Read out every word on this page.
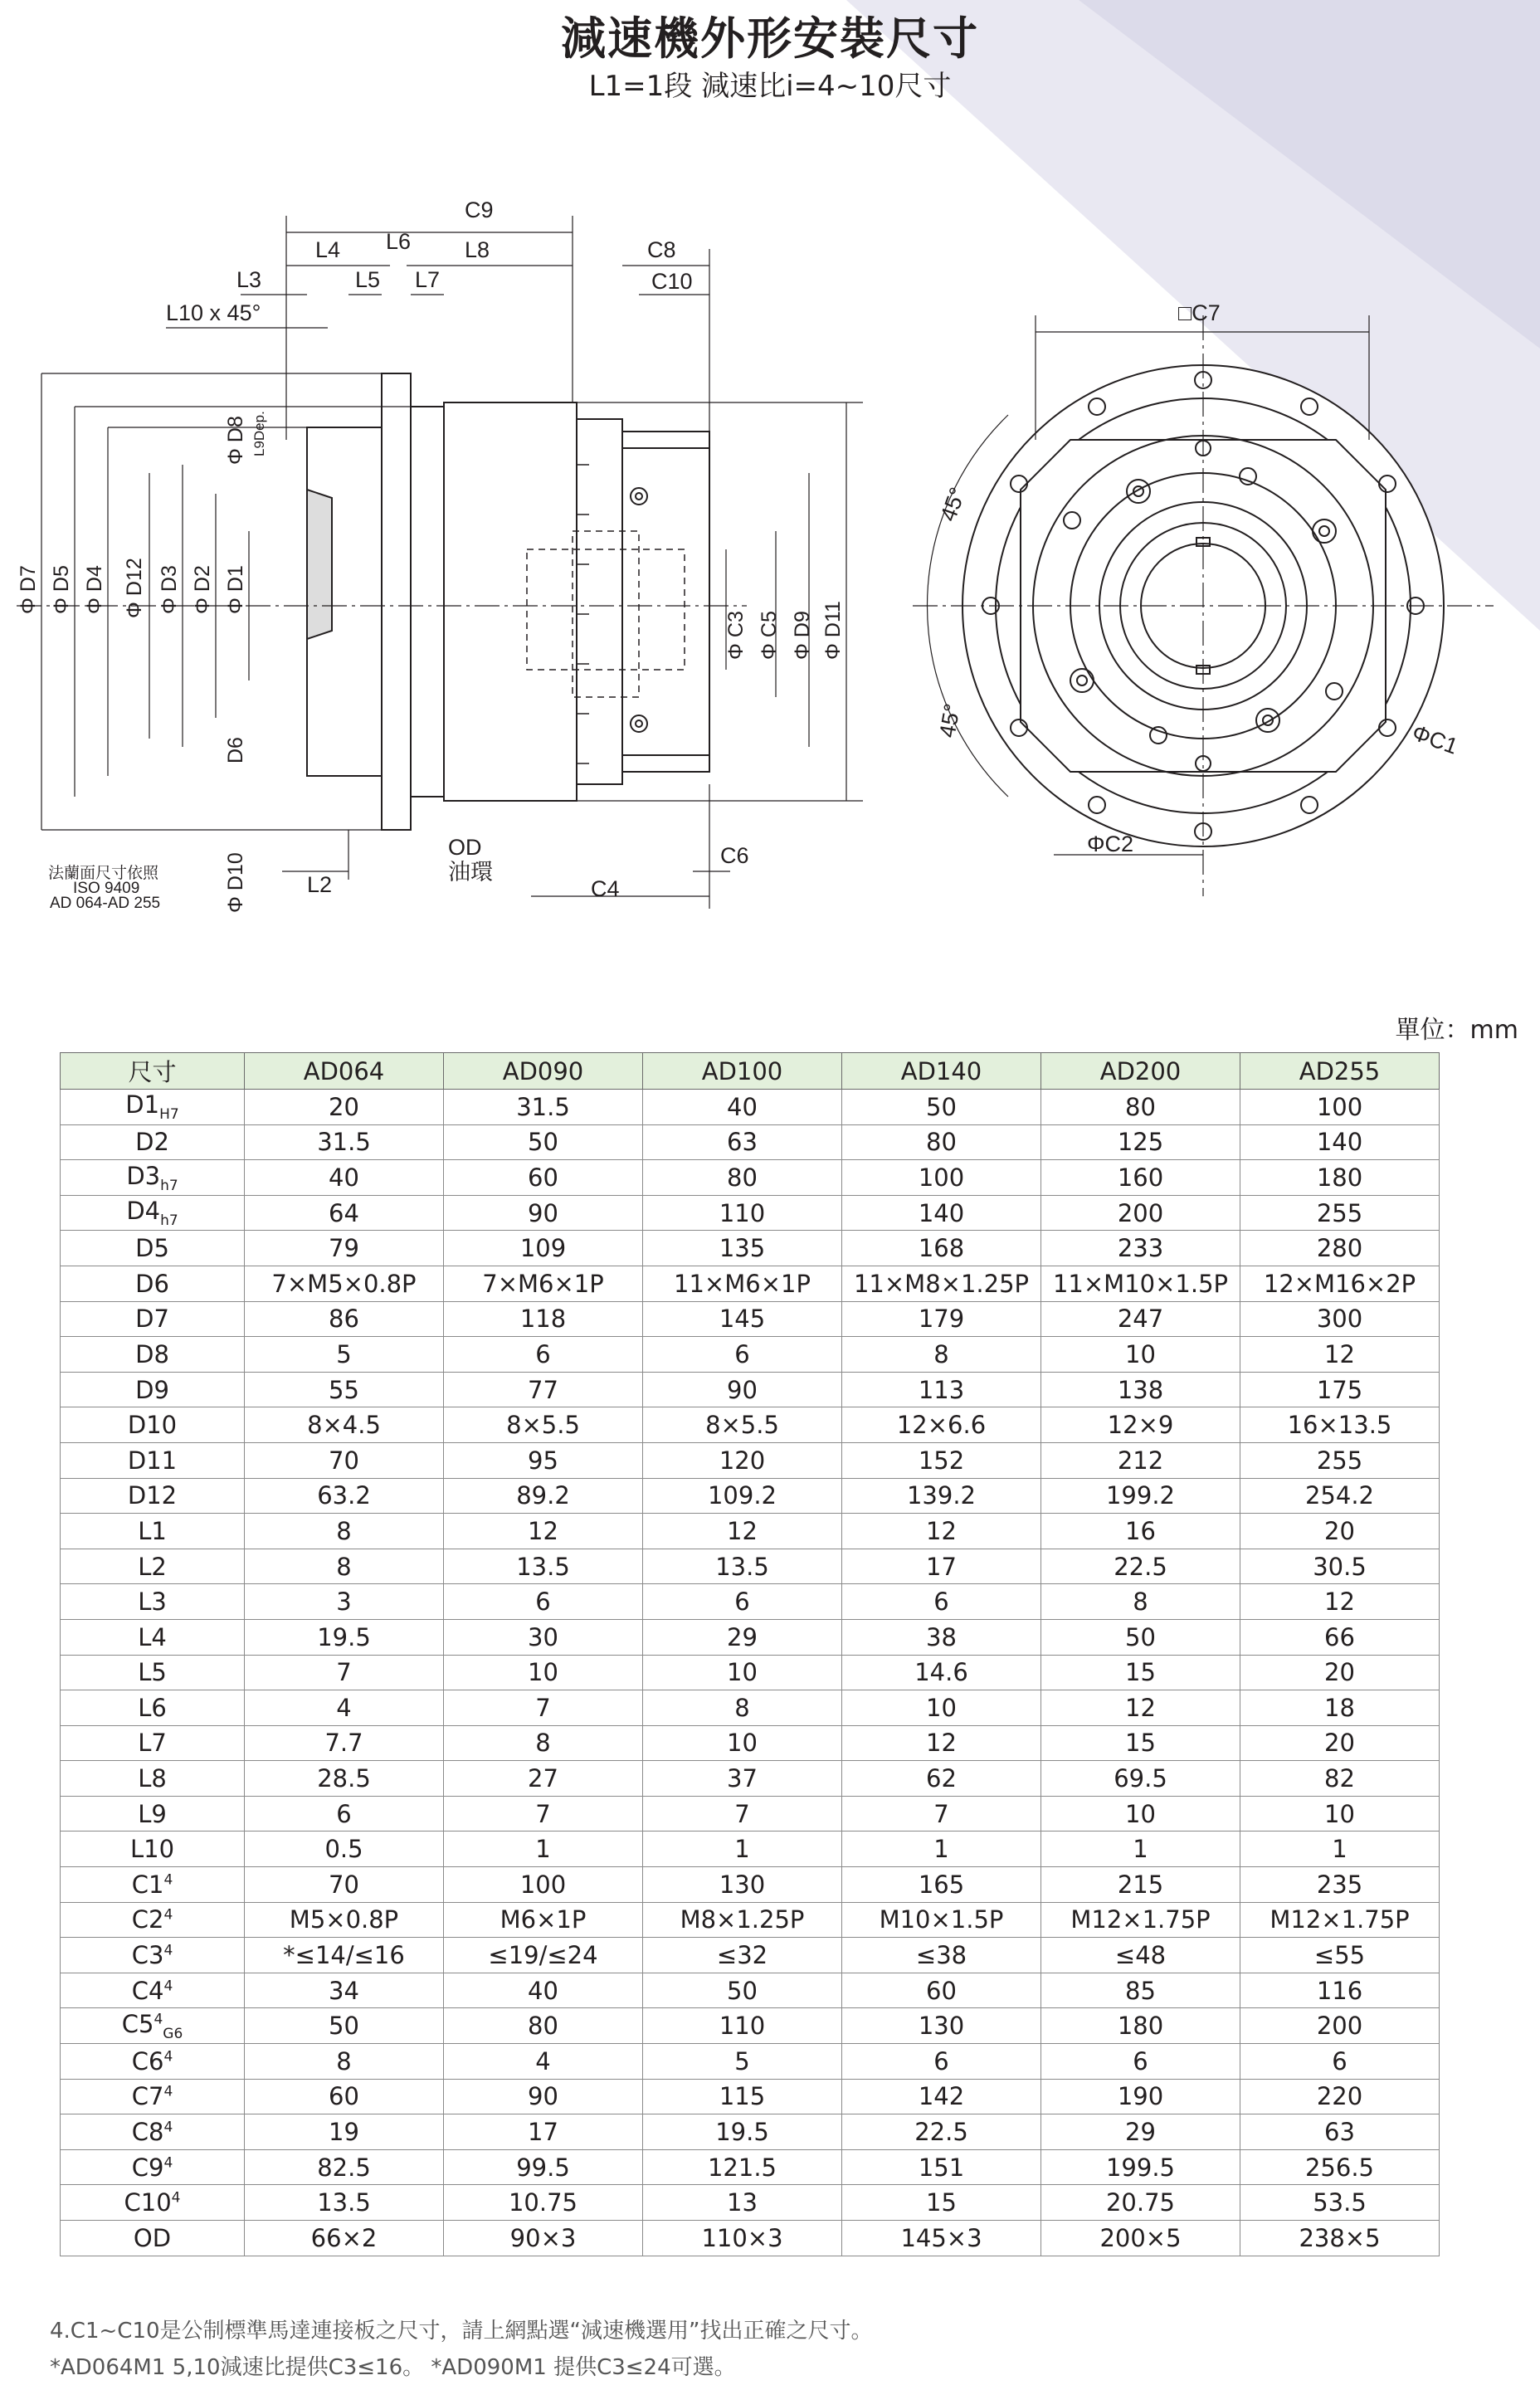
減速機外形安裝尺寸
L1=1段 減速比i=4~10尺寸
C9
L4 L6 L8	C8
L3	L5 L7	C10
L10 x 45°
L2
OD
油環
C4
C6
Φ D7 Φ D5 Φ D4 Φ D12 Φ D3 Φ D2 Φ D1
Φ D8 L9Dep.
D6
Φ D10
Φ C3 Φ C5 Φ D9 Φ D11
法蘭面尺寸依照
ISO 9409
AD 064-AD 255
□C7
45°
45°	ΦC1
ΦC2
單位：mm
尺寸	AD064	AD090	AD100	AD140	AD200	AD255
$D1_{H7}$	20	31.5	40	50	80	100
D2	31.5	50	63	80	125	140
$D3_{h7}$	40	60	80	100	160	180
$D4_{h7}$	64	90	110	140	200	255
D5	79	109	135	168	233	280
D6	7×M5×0.8P	7×M6×1P	11×M6×1P	11×M8×1.25P	11×M10×1.5P	12×M16×2P
D7	86	118	145	179	247	300
D8	5	6	6	8	10	12
D9	55	77	90	113	138	175
D10	8×4.5	8×5.5	8×5.5	12×6.6	12×9	16×13.5
D11	70	95	120	152	212	255
D12	63.2	89.2	109.2	139.2	199.2	254.2
L1	8	12	12	12	16	20
L2	8	13.5	13.5	17	22.5	30.5
L3	3	6	6	6	8	12
L4	19.5	30	29	38	50	66
L5	7	10	10	14.6	15	20
L6	4	7	8	10	12	18
L7	7.7	8	10	12	15	20
L8	28.5	27	37	62	69.5	82
L9	6	7	7	7	10	10
L10	0.5	1	1	1	1	1
$C1^4$	70	100	130	165	215	235
$C2^4$	M5×0.8P	M6×1P	M8×1.25P	M10×1.5P	M12×1.75P	M12×1.75P
$C3^4$	*≤14/≤16	≤19/≤24	≤32	≤38	≤48	≤55
$C4^4$	34	40	50	60	85	116
$C5^4_{G6}$	50	80	110	130	180	200
$C6^4$	8	4	5	6	6	6
$C7^4$	60	90	115	142	190	220
$C8^4$	19	17	19.5	22.5	29	63
$C9^4$	82.5	99.5	121.5	151	199.5	256.5
$C10^4$	13.5	10.75	13	15	20.75	53.5
OD	66×2	90×3	110×3	145×3	200×5	238×5
4.C1~C10是公制標準馬達連接板之尺寸，請上網點選“減速機選用”找出正確之尺寸。
*AD064M1 5,10減速比提供C3≤16。 *AD090M1 提供C3≤24可選。
